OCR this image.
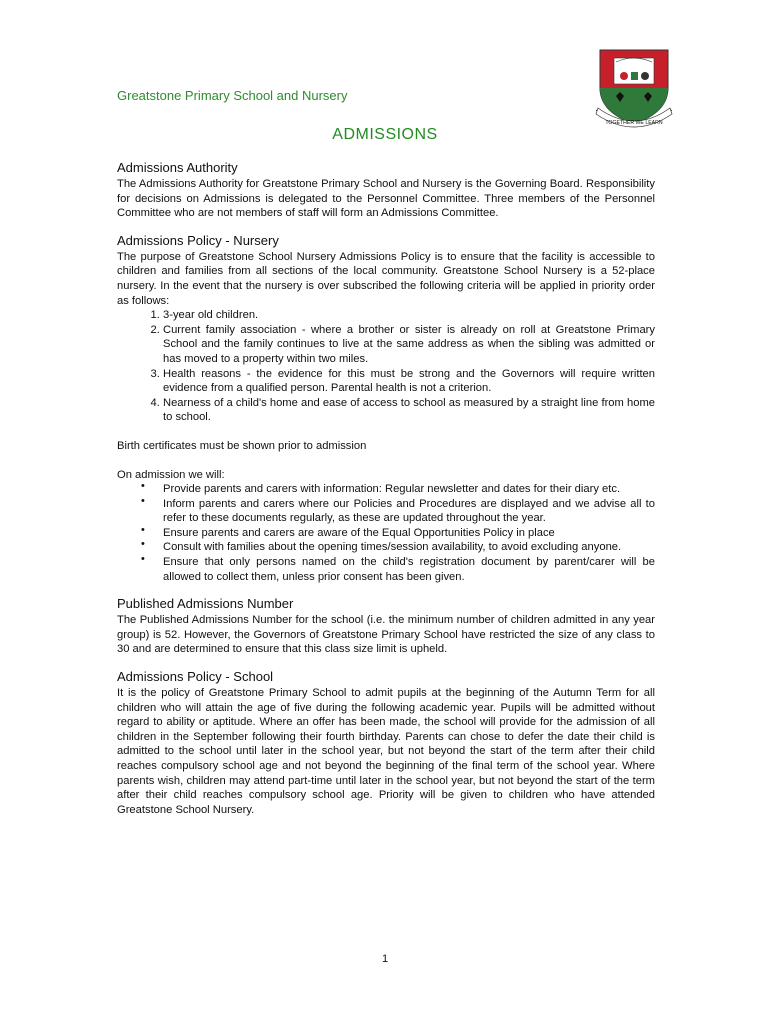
Greatstone Primary School and Nursery
TOGETHER WE LEARN
ADMISSIONS
Admissions Authority

The Admissions Authority for Greatstone Primary School and Nursery is the Governing Board. Responsibility for decisions on Admissions is delegated to the Personnel Committee. Three members of the Personnel Committee who are not members of staff will form an Admissions Committee.

Admissions Policy - Nursery

The purpose of Greatstone School Nursery Admissions Policy is to ensure that the facility is accessible to children and families from all sections of the local community. Greatstone School Nursery is a 52-place nursery. In the event that the nursery is over subscribed the following criteria will be applied in priority order as follows:

1. 3-year old children.
2. Current family association - where a brother or sister is already on roll at Greatstone Primary School and the family continues to live at the same address as when the sibling was admitted or has moved to a property within two miles.
3. Health reasons - the evidence for this must be strong and the Governors will require written evidence from a qualified person. Parental health is not a criterion.
4. Nearness of a child's home and ease of access to school as measured by a straight line from home to school.

Birth certificates must be shown prior to admission

On admission we will:

• Provide parents and carers with information: Regular newsletter and dates for their diary etc.
• Inform parents and carers where our Policies and Procedures are displayed and we advise all to refer to these documents regularly, as these are updated throughout the year.
• Ensure parents and carers are aware of the Equal Opportunities Policy in place
• Consult with families about the opening times/session availability, to avoid excluding anyone.
• Ensure that only persons named on the child's registration document by parent/carer will be allowed to collect them, unless prior consent has been given.
Published Admissions Number

The Published Admissions Number for the school (i.e. the minimum number of children admitted in any year group) is 52. However, the Governors of Greatstone Primary School have restricted the size of any class to 30 and are determined to ensure that this class size limit is upheld.

Admissions Policy - School

It is the policy of Greatstone Primary School to admit pupils at the beginning of the Autumn Term for all children who will attain the age of five during the following academic year. Pupils will be admitted without regard to ability or aptitude. Where an offer has been made, the school will provide for the admission of all children in the September following their fourth birthday. Parents can chose to defer the date their child is admitted to the school until later in the school year, but not beyond the start of the term after their child reaches compulsory school age and not beyond the beginning of the final term of the school year. Where parents wish, children may attend part-time until later in the school year, but not beyond the start of the term after their child reaches compulsory school age. Priority will be given to children who have attended Greatstone School Nursery.

1
